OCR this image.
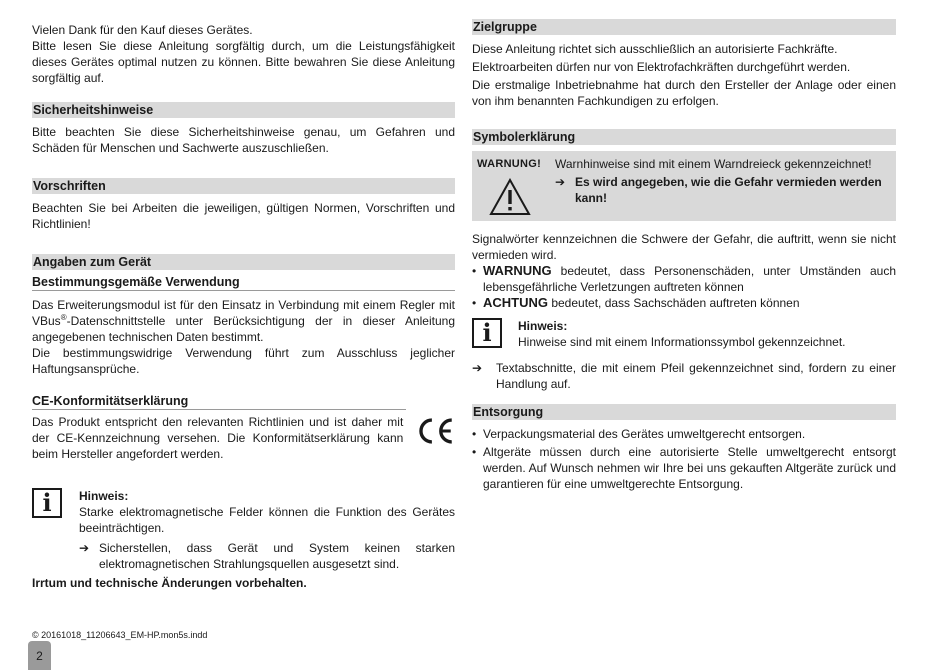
Vielen Dank für den Kauf dieses Gerätes.

Bitte lesen Sie diese Anleitung sorgfältig durch, um die Leistungsfähigkeit dieses Gerätes optimal nutzen zu können. Bitte bewahren Sie diese Anleitung sorgfältig auf.

Sicherheitshinweise

Bitte beachten Sie diese Sicherheitshinweise genau, um Gefahren und Schäden für Menschen und Sachwerte auszuschließen.

Vorschriften

Beachten Sie bei Arbeiten die jeweiligen, gültigen Normen, Vorschriften und Richtlinien!

Angaben zum Gerät
Bestimmungsgemäße Verwendung

Das Erweiterungsmodul ist für den Einsatz in Verbindung mit einem Regler mit VBus®-Datenschnittstelle unter Berücksichtigung der in dieser Anleitung angegebenen technischen Daten bestimmt.

Die bestimmungswidrige Verwendung führt zum Ausschluss jeglicher Haftungsansprüche.

CE-Konformitätserklärung

Das Produkt entspricht den relevanten Richtlinien und ist daher mit der CE-Kennzeichnung versehen. Die Konformitätserklärung kann beim Hersteller angefordert werden.

i	Hinweis:

Starke elektromagnetische Felder können die Funktion des Gerätes beeinträchtigen.

➔ Sicherstellen, dass Gerät und System keinen starken elektromagnetischen Strahlungsquellen ausgesetzt sind.

Irrtum und technische Änderungen vorbehalten.

© 20161018_11206643_EM-HP.mon5s.indd

2
Zielgruppe

Diese Anleitung richtet sich ausschließlich an autorisierte Fachkräfte.

Elektroarbeiten dürfen nur von Elektrofachkräften durchgeführt werden.

Die erstmalige Inbetriebnahme hat durch den Ersteller der Anlage oder einen von ihm benannten Fachkundigen zu erfolgen.

Symbolerklärung
WARNUNG!	Warnhinweise sind mit einem Warndreieck gekennzeichnet!

➔ Es wird angegeben, wie die Gefahr vermieden werden kann!

Signalwörter kennzeichnen die Schwere der Gefahr, die auftritt, wenn sie nicht vermieden wird.

• WARNUNG bedeutet, dass Personenschäden, unter Umständen auch lebensgefährliche Verletzungen auftreten können

• ACHTUNG bedeutet, dass Sachschäden auftreten können

i	Hinweis:

Hinweise sind mit einem Informationssymbol gekennzeichnet.

➔	Textabschnitte, die mit einem Pfeil gekennzeichnet sind, fordern zu einer Handlung auf.

Entsorgung
• Verpackungsmaterial des Gerätes umweltgerecht entsorgen.

• Altgeräte müssen durch eine autorisierte Stelle umweltgerecht entsorgt werden. Auf Wunsch nehmen wir Ihre bei uns gekauften Altgeräte zurück und garantieren für eine umweltgerechte Entsorgung.
